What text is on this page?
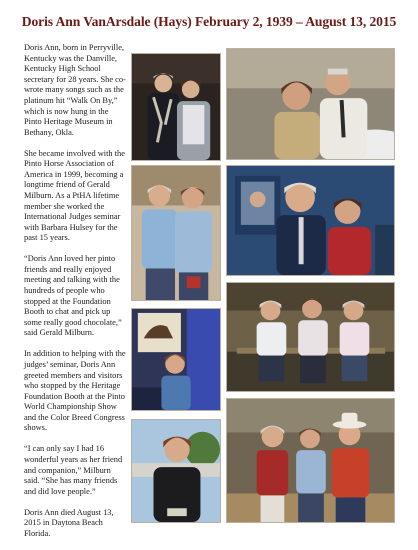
Doris Ann VanArsdale (Hays) February 2, 1939 – August 13, 2015

Doris Ann, born in Perryville, Kentucky was the Danville, Kentucky High School secretary for 28 years. She co-wrote many songs such as the platinum hit “Walk On By,” which is now hung in the Pinto Heritage Museum in Bethany, Okla.

She became involved with the Pinto Horse Association of America in 1999, becoming a longtime friend of Gerald Milburn. As a PtHA lifetime member she worked the International Judges seminar with Barbara Hulsey for the past 15 years.

“Doris Ann loved her pinto friends and really enjoyed meeting and talking with the hundreds of people who stopped at the Foundation Booth to chat and pick up some really good chocolate,” said Gerald Milburn.

In addition to helping with the judges’ seminar, Doris Ann greeted members and visitors who stopped by the Heritage Foundation Booth at the Pinto World Championship Show and the Color Breed Congress shows.

“I can only say I had 16 wonderful years as her friend and companion,” Milburn said. “She has many friends and did love people.”

Doris Ann died August 13, 2015 in Daytona Beach Florida.
